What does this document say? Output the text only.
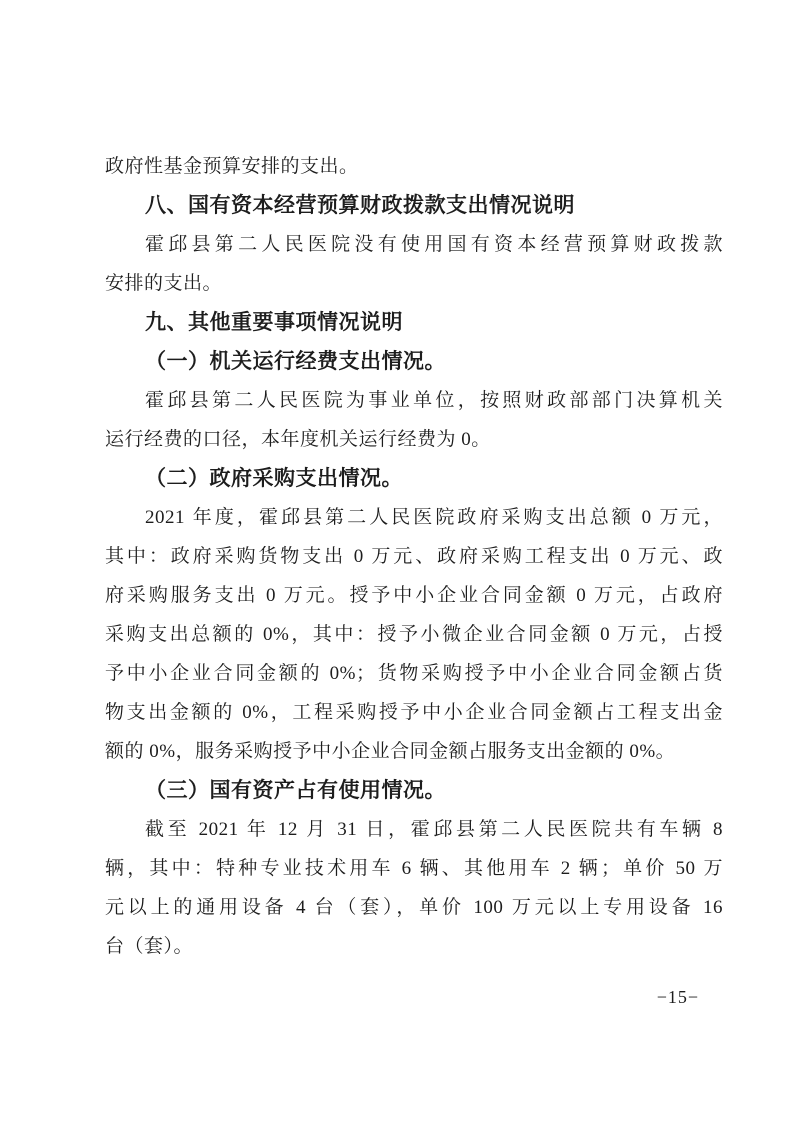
政府性基金预算安排的支出。
八、国有资本经营预算财政拨款支出情况说明
霍邱县第二人民医院没有使用国有资本经营预算财政拨款
安排的支出。
九、其他重要事项情况说明
（一）机关运行经费支出情况。
霍邱县第二人民医院为事业单位，按照财政部部门决算机关
运行经费的口径，本年度机关运行经费为 0。
（二）政府采购支出情况。
2021 年度，霍邱县第二人民医院政府采购支出总额 0 万元，
其中：政府采购货物支出 0 万元、政府采购工程支出 0 万元、政
府采购服务支出 0 万元。授予中小企业合同金额 0 万元，占政府
采购支出总额的 0%，其中：授予小微企业合同金额 0 万元，占授
予中小企业合同金额的 0%；货物采购授予中小企业合同金额占货
物支出金额的 0%，工程采购授予中小企业合同金额占工程支出金
额的 0%，服务采购授予中小企业合同金额占服务支出金额的 0%。
（三）国有资产占有使用情况。
截至 2021 年 12 月 31 日，霍邱县第二人民医院共有车辆 8
辆，其中：特种专业技术用车 6 辆、其他用车 2 辆；单价 50 万
元以上的通用设备 4 台（套），单价 100 万元以上专用设备 16
台（套）。
−15−
